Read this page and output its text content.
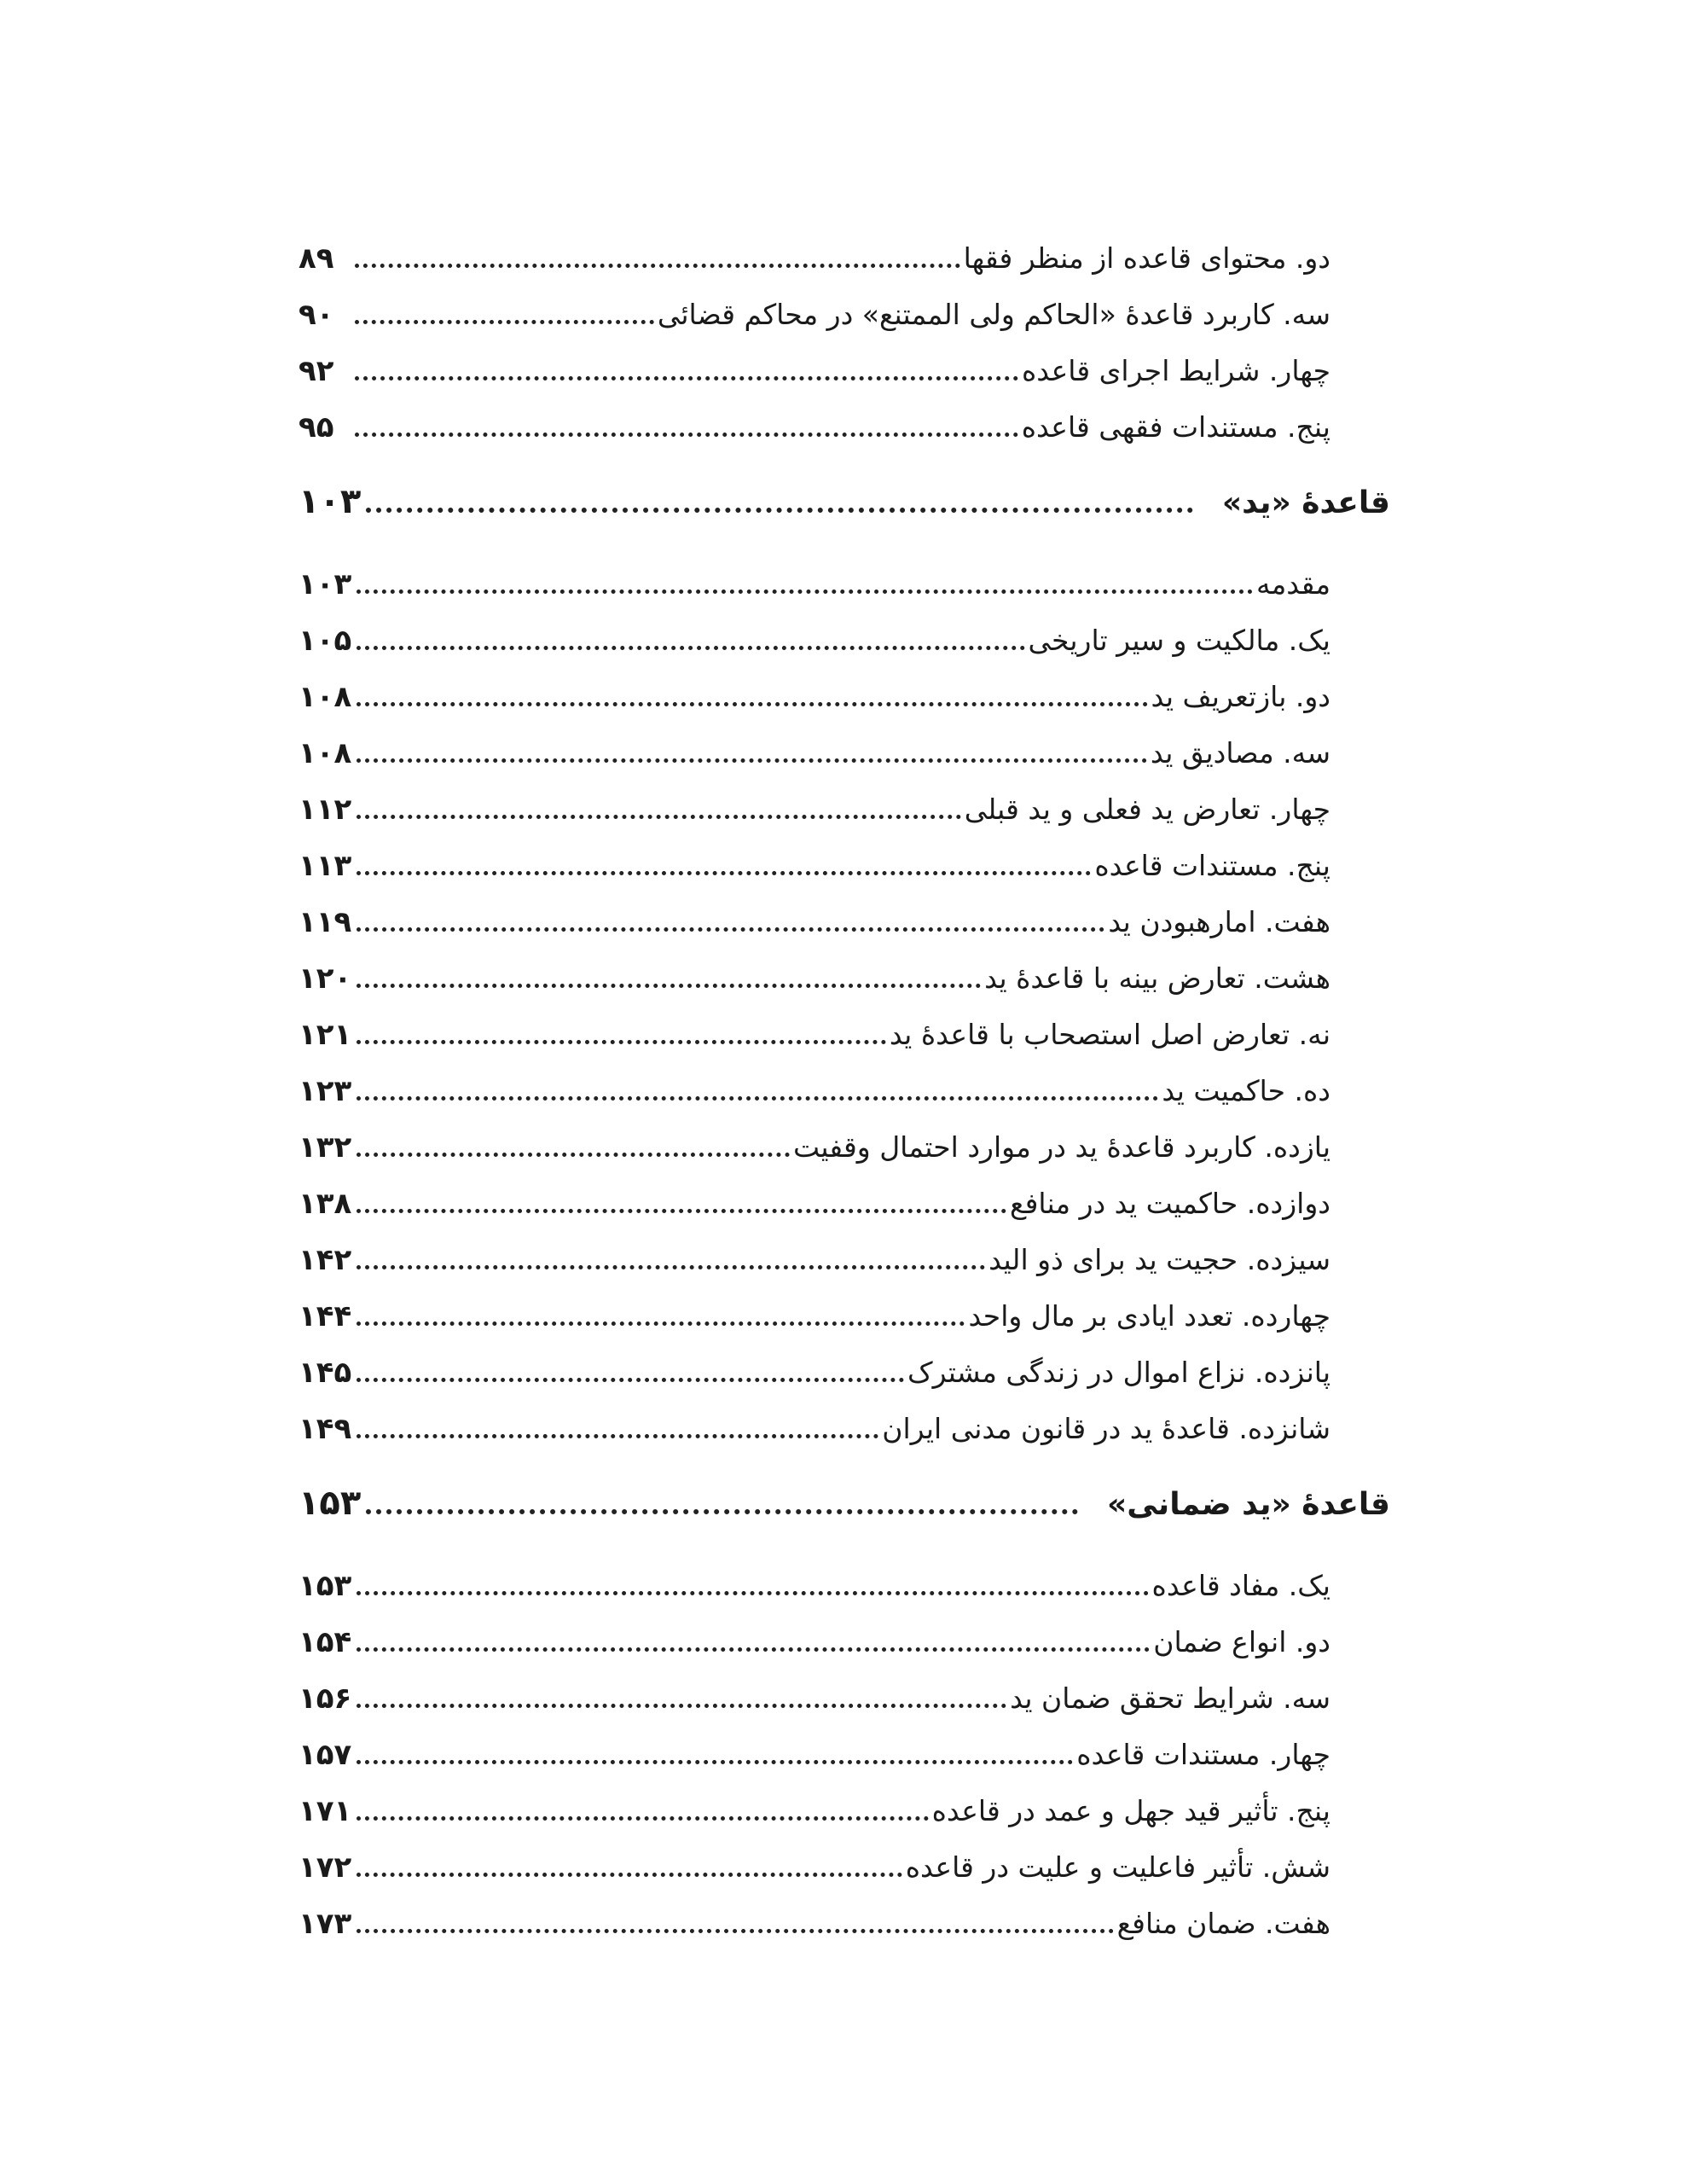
دو. محتوای قاعده از منظر فقها
۸۹
سه. کاربرد قاعدهٔ «الحاکم ولی الممتنع» در محاکم قضائی
۹۰
چهار. شرایط اجرای قاعده
۹۲
پنج. مستندات فقهی قاعده
۹۵
قاعدهٔ «ید»
۱۰۳
مقدمه
۱۰۳
یک. مالکیت و سیر تاریخی
۱۰۵
دو. بازتعریف ید
۱۰۸
سه. مصادیق ید
۱۰۸
چهار. تعارض ید فعلی و ید قبلی
۱۱۲
پنج. مستندات قاعده
۱۱۳
هفت. امارهبودن ید
۱۱۹
هشت. تعارض بینه با قاعدهٔ ید
۱۲۰
نه. تعارض اصل استصحاب با قاعدهٔ ید
۱۲۱
ده. حاکمیت ید
۱۲۳
یازده. کاربرد قاعدهٔ ید در موارد احتمال وقفیت
۱۳۲
دوازده. حاکمیت ید در منافع
۱۳۸
سیزده. حجیت ید برای ذو الید
۱۴۲
چهارده. تعدد ایادی بر مال واحد
۱۴۴
پانزده. نزاع اموال در زندگی مشترک
۱۴۵
شانزده. قاعدهٔ ید در قانون مدنی ایران
۱۴۹
قاعدهٔ «ید ضمانی»
۱۵۳
یک. مفاد قاعده
۱۵۳
دو. انواع ضمان
۱۵۴
سه. شرایط تحقق ضمان ید
۱۵۶
چهار. مستندات قاعده
۱۵۷
پنج. تأثیر قید جهل و عمد در قاعده
۱۷۱
شش. تأثیر فاعلیت و علیت در قاعده
۱۷۲
هفت. ضمان منافع
۱۷۳
